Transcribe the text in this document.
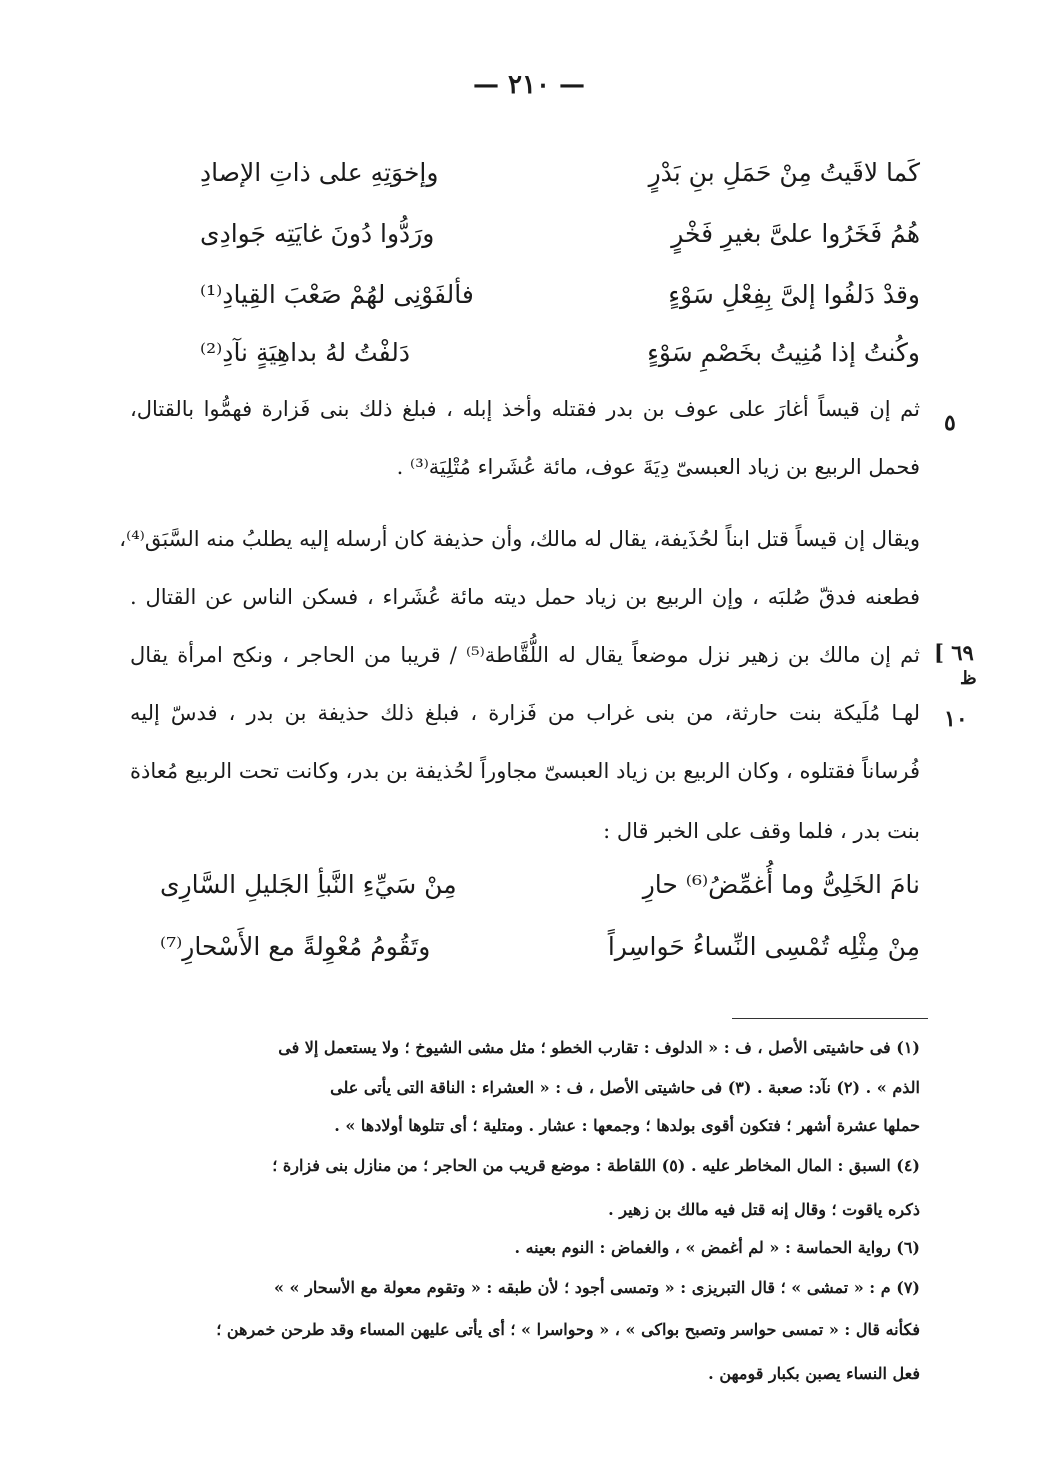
— ٢١٠ —
كَما لاقَيتُ مِنْ حَمَلِ بنِ بَدْرٍ
وإخوَتِهِ على ذاتِ الإصادِ
هُمُ فَخَرُوا علىَّ بغيرِ فَخْرٍ
ورَدُّوا دُونَ غايَتِه جَوادِى
وقدْ دَلفُوا إلىَّ بِفِعْلِ سَوْءٍ
فألفَوْنِى لهُمْ صَعْبَ القِيادِ⁽¹⁾
وكُنتُ إذا مُنِيتُ بخَصْمِ سَوْءٍ
دَلفْتُ لهُ بداهِيَةٍ نآدِ⁽²⁾
ثم إن قيساً أغارَ على عوف بن بدر فقتله وأخذ إبله ، فبلغ ذلك بنى فَزارة فهمُّوا بالقتال،
فحمل الربيع بن زياد العبسىّ دِيَةَ عوف، مائة عُشَراء مُتْلِيَة⁽³⁾ .
ويقال إن قيساً قتل ابناً لحُذَيفة، يقال له مالك، وأن حذيفة كان أرسله إليه يطلبُ منه السَّبَق⁽⁴⁾،
فطعنه فدقّ صُلبَه ، وإن الربيع بن زياد حمل ديته مائة عُشَراء ، فسكن الناس عن القتال .
ثم إن مالك بن زهير نزل موضعاً يقال له اللُّقَّاطة⁽⁵⁾ / قريبا من الحاجر ، ونكح امرأة يقال
لهـا مُلَيكة بنت حارثة، من بنى غراب من فَزارة ، فبلغ ذلك حذيفة بن بدر ، فدسّ إليه
فُرساناً فقتلوه ، وكان الربيع بن زياد العبسىّ مجاوراً لحُذيفة بن بدر، وكانت تحت الربيع مُعاذة
بنت بدر ، فلما وقف على الخبر قال :
٥
[ ٦٩
ظ
١٠
نامَ الخَلِىُّ وما أُغمِّضُ⁽⁶⁾ حارِ
مِنْ سَيِّءِ النَّبأِ الجَليلِ السَّارِى
مِنْ مِثْلِه تُمْسِى النِّساءُ حَواسِراً
وتَقُومُ مُعْوِلةً مع الأَسْحارِ⁽⁷⁾
(١) فى حاشيتى الأصل ، ف : « الدلوف : تقارب الخطو ؛ مثل مشى الشيوخ ؛ ولا يستعمل إلا فى
الذم » . (٢) نآد: صعبة . (٣) فى حاشيتى الأصل ، ف : « العشراء : الناقة التى يأتى على
حملها عشرة أشهر ؛ فتكون أقوى بولدها ؛ وجمعها : عشار . ومتلية ؛ أى تتلوها أولادها » .
(٤) السبق : المال المخاطر عليه . (٥) اللقاطة : موضع قريب من الحاجر ؛ من منازل بنى فزارة ؛
ذكره ياقوت ؛ وقال إنه قتل فيه مالك بن زهير .
(٦) رواية الحماسة : « لم أغمض » ، والغماض : النوم بعينه .
(٧) م : « تمشى » ؛ قال التبريزى : « وتمسى أجود ؛ لأن طبقه : « وتقوم معولة مع الأسحار » »
فكأنه قال : « تمسى حواسر وتصبح بواكى » ، « وحواسرا » ؛ أى يأتى عليهن المساء وقد طرحن خمرهن ؛
فعل النساء يصبن بكبار قومهن .
